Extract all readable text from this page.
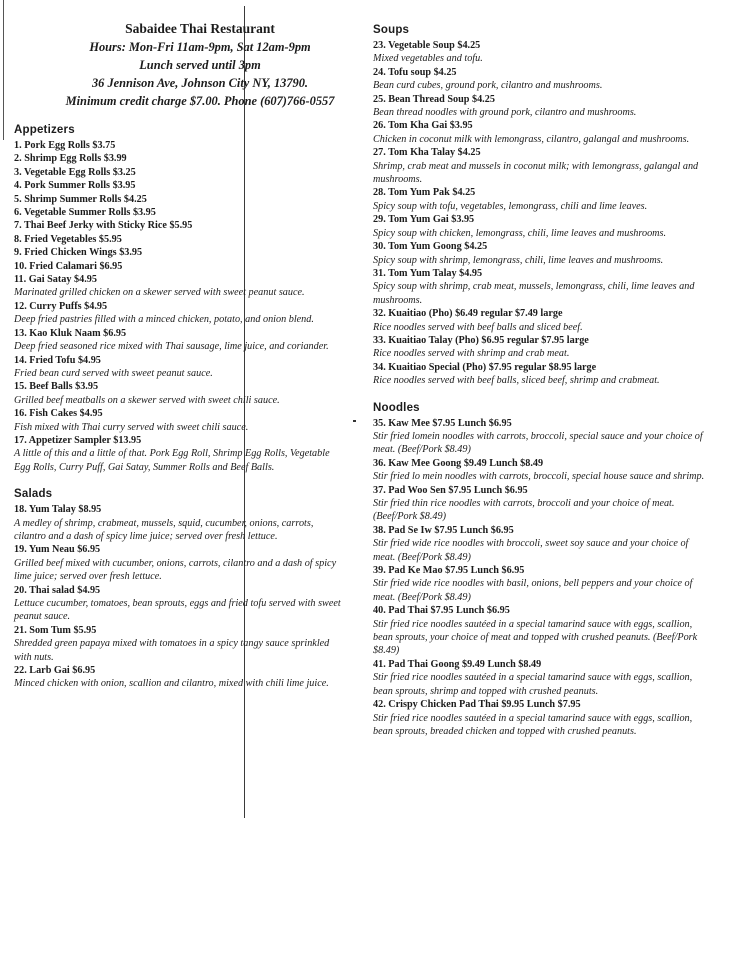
Sabaidee Thai Restaurant
Hours: Mon-Fri 11am-9pm, Sat 12am-9pm
Lunch served until 3pm
36 Jennison Ave, Johnson City NY, 13790.
Minimum credit charge $7.00. Phone (607)766-0557
Appetizers
1. Pork Egg Rolls $3.75
2. Shrimp Egg Rolls $3.99
3. Vegetable Egg Rolls $3.25
4. Pork Summer Rolls $3.95
5. Shrimp Summer Rolls $4.25
6. Vegetable Summer Rolls $3.95
7. Thai Beef Jerky with Sticky Rice $5.95
8. Fried Vegetables $5.95
9. Fried Chicken Wings $3.95
10. Fried Calamari $6.95
11. Gai Satay $4.95
Marinated grilled chicken on a skewer served with sweet peanut sauce.
12. Curry Puffs $4.95
Deep fried pastries filled with a minced chicken, potato, and onion blend.
13. Kao Kluk Naam $6.95
Deep fried seasoned rice mixed with Thai sausage, lime juice, and coriander.
14. Fried Tofu $4.95
Fried bean curd served with sweet peanut sauce.
15. Beef Balls $3.95
Grilled beef meatballs on a skewer served with sweet chili sauce.
16. Fish Cakes $4.95
Fish mixed with Thai curry served with sweet chili sauce.
17. Appetizer Sampler $13.95
A little of this and a little of that. Pork Egg Roll, Shrimp Egg Rolls, Vegetable Egg Rolls, Curry Puff, Gai Satay, Summer Rolls and Beef Balls.
Salads
18. Yum Talay $8.95
A medley of shrimp, crabmeat, mussels, squid, cucumber, onions, carrots, cilantro and a dash of spicy lime juice; served over fresh lettuce.
19. Yum Neau $6.95
Grilled beef mixed with cucumber, onions, carrots, cilantro and a dash of spicy lime juice; served over fresh lettuce.
20. Thai salad $4.95
Lettuce cucumber, tomatoes, bean sprouts, eggs and fried tofu served with sweet peanut sauce.
21. Som Tum $5.95
Shredded green papaya mixed with tomatoes in a spicy tangy sauce sprinkled with nuts.
22. Larb Gai $6.95
Minced chicken with onion, scallion and cilantro, mixed with chili lime juice.
Soups
23. Vegetable Soup $4.25
Mixed vegetables and tofu.
24. Tofu soup $4.25
Bean curd cubes, ground pork, cilantro and mushrooms.
25. Bean Thread Soup $4.25
Bean thread noodles with ground pork, cilantro and mushrooms.
26. Tom Kha Gai $3.95
Chicken in coconut milk with lemongrass, cilantro, galangal and mushrooms.
27. Tom Kha Talay $4.25
Shrimp, crab meat and mussels in coconut milk; with lemongrass, galangal and mushrooms.
28. Tom Yum Pak $4.25
Spicy soup with tofu, vegetables, lemongrass, chili and lime leaves.
29. Tom Yum Gai $3.95
Spicy soup with chicken, lemongrass, chili, lime leaves and mushrooms.
30. Tom Yum Goong $4.25
Spicy soup with shrimp, lemongrass, chili, lime leaves and mushrooms.
31. Tom Yum Talay $4.95
Spicy soup with shrimp, crab meat, mussels, lemongrass, chili, lime leaves and mushrooms.
32. Kuaitiao (Pho) $6.49 regular $7.49 large
Rice noodles served with beef balls and sliced beef.
33. Kuaitiao Talay (Pho) $6.95 regular $7.95 large
Rice noodles served with shrimp and crab meat.
34. Kuaitiao Special (Pho) $7.95 regular $8.95 large
Rice noodles served with beef balls, sliced beef, shrimp and crabmeat.
Noodles
35. Kaw Mee $7.95 Lunch $6.95
Stir fried lomein noodles with carrots, broccoli, special sauce and your choice of meat. (Beef/Pork $8.49)
36. Kaw Mee Goong $9.49 Lunch $8.49
Stir fried lo mein noodles with carrots, broccoli, special house sauce and shrimp.
37. Pad Woo Sen $7.95 Lunch $6.95
Stir fried thin rice noodles with carrots, broccoli and your choice of meat. (Beef/Pork $8.49)
38. Pad Se Iw $7.95 Lunch $6.95
Stir fried wide rice noodles with broccoli, sweet soy sauce and your choice of meat. (Beef/Pork $8.49)
39. Pad Ke Mao $7.95 Lunch $6.95
Stir fried wide rice noodles with basil, onions, bell peppers and your choice of meat. (Beef/Pork $8.49)
40. Pad Thai $7.95 Lunch $6.95
Stir fried rice noodles sautéed in a special tamarind sauce with eggs, scallion, bean sprouts, your choice of meat and topped with crushed peanuts. (Beef/Pork $8.49)
41. Pad Thai Goong $9.49 Lunch $8.49
Stir fried rice noodles sautéed in a special tamarind sauce with eggs, scallion, bean sprouts, shrimp and topped with crushed peanuts.
42. Crispy Chicken Pad Thai $9.95 Lunch $7.95
Stir fried rice noodles sautéed in a special tamarind sauce with eggs, scallion, bean sprouts, breaded chicken and topped with crushed peanuts.
